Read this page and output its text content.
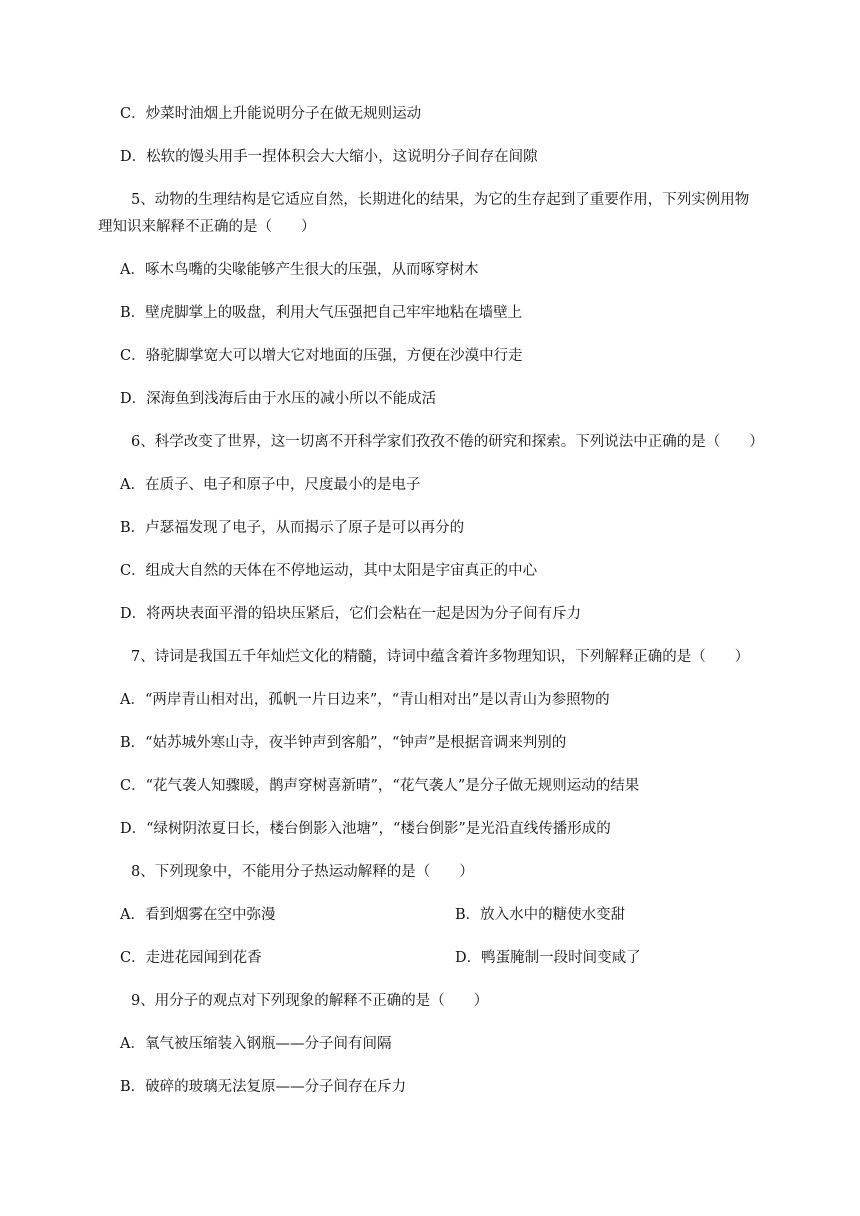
C．炒菜时油烟上升能说明分子在做无规则运动
D．松软的馒头用手一捏体积会大大缩小，这说明分子间存在间隙
5、动物的生理结构是它适应自然，长期进化的结果，为它的生存起到了重要作用，下列实例用物
理知识来解释不正确的是（　　）
A．啄木鸟嘴的尖喙能够产生很大的压强，从而啄穿树木
B．壁虎脚掌上的吸盘，利用大气压强把自己牢牢地粘在墙壁上
C．骆驼脚掌宽大可以增大它对地面的压强，方便在沙漠中行走
D．深海鱼到浅海后由于水压的减小所以不能成活
6、科学改变了世界，这一切离不开科学家们孜孜不倦的研究和探索。下列说法中正确的是（　　）
A．在质子、电子和原子中，尺度最小的是电子
B．卢瑟福发现了电子，从而揭示了原子是可以再分的
C．组成大自然的天体在不停地运动，其中太阳是宇宙真正的中心
D．将两块表面平滑的铅块压紧后，它们会粘在一起是因为分子间有斥力
7、诗词是我国五千年灿烂文化的精髓，诗词中蕴含着许多物理知识，下列解释正确的是（　　）
A．“两岸青山相对出，孤帆一片日边来”，“青山相对出”是以青山为参照物的
B．“姑苏城外寒山寺，夜半钟声到客船”，“钟声”是根据音调来判别的
C．“花气袭人知骤暖，鹊声穿树喜新晴”，“花气袭人”是分子做无规则运动的结果
D．“绿树阴浓夏日长，楼台倒影入池塘”，“楼台倒影”是光沿直线传播形成的
8、下列现象中，不能用分子热运动解释的是（　　）
A．看到烟雾在空中弥漫	B．放入水中的糖使水变甜
C．走进花园闻到花香	D．鸭蛋腌制一段时间变咸了
9、用分子的观点对下列现象的解释不正确的是（　　）
A．氧气被压缩装入钢瓶——分子间有间隔
B．破碎的玻璃无法复原——分子间存在斥力
